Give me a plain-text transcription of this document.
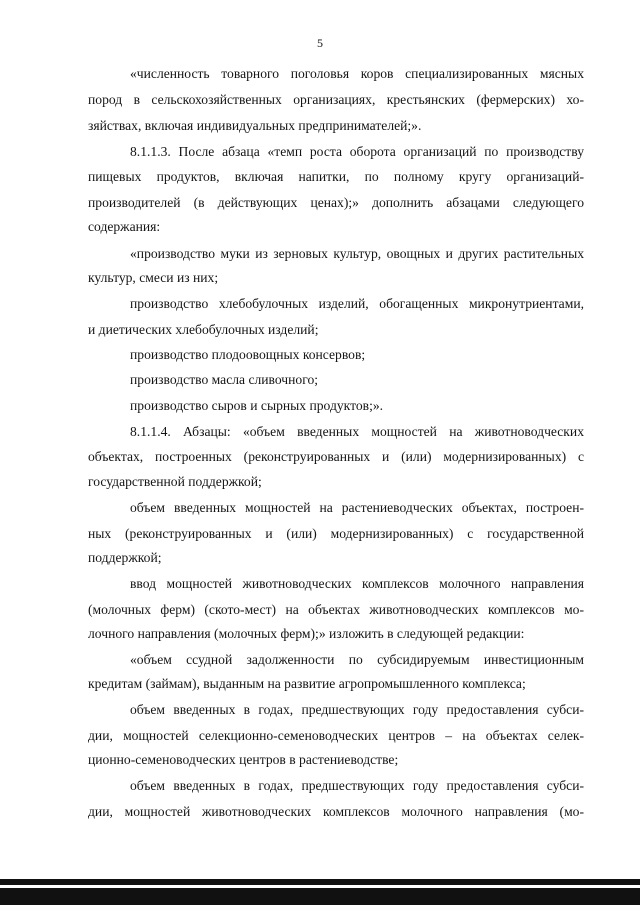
5
«численность товарного поголовья коров специализированных мясных
пород в сельскохозяйственных организациях, крестьянских (фермерских) хо-
зяйствах, включая индивидуальных предпринимателей;».
8.1.1.3. После абзаца «темп роста оборота организаций по производству
пищевых продуктов, включая напитки, по полному кругу организаций-
производителей (в действующих ценах);» дополнить абзацами следующего
содержания:
«производство муки из зерновых культур, овощных и других растительных
культур, смеси из них;
производство хлебобулочных изделий, обогащенных микронутриентами,
и диетических хлебобулочных изделий;
производство плодоовощных консервов;
производство масла сливочного;
производство сыров и сырных продуктов;».
8.1.1.4. Абзацы: «объем введенных мощностей на животноводческих
объектах, построенных (реконструированных и (или) модернизированных) с
государственной поддержкой;
объем введенных мощностей на растениеводческих объектах, построен-
ных (реконструированных и (или) модернизированных) с государственной
поддержкой;
ввод мощностей животноводческих комплексов молочного направления
(молочных ферм) (ското-мест) на объектах животноводческих комплексов мо-
лочного направления (молочных ферм);» изложить в следующей редакции:
«объем ссудной задолженности по субсидируемым инвестиционным
кредитам (займам), выданным на развитие агропромышленного комплекса;
объем введенных в годах, предшествующих году предоставления субси-
дии, мощностей селекционно-семеноводческих центров – на объектах селек-
ционно-семеноводческих центров в растениеводстве;
объем введенных в годах, предшествующих году предоставления субси-
дии, мощностей животноводческих комплексов молочного направления (мо-
